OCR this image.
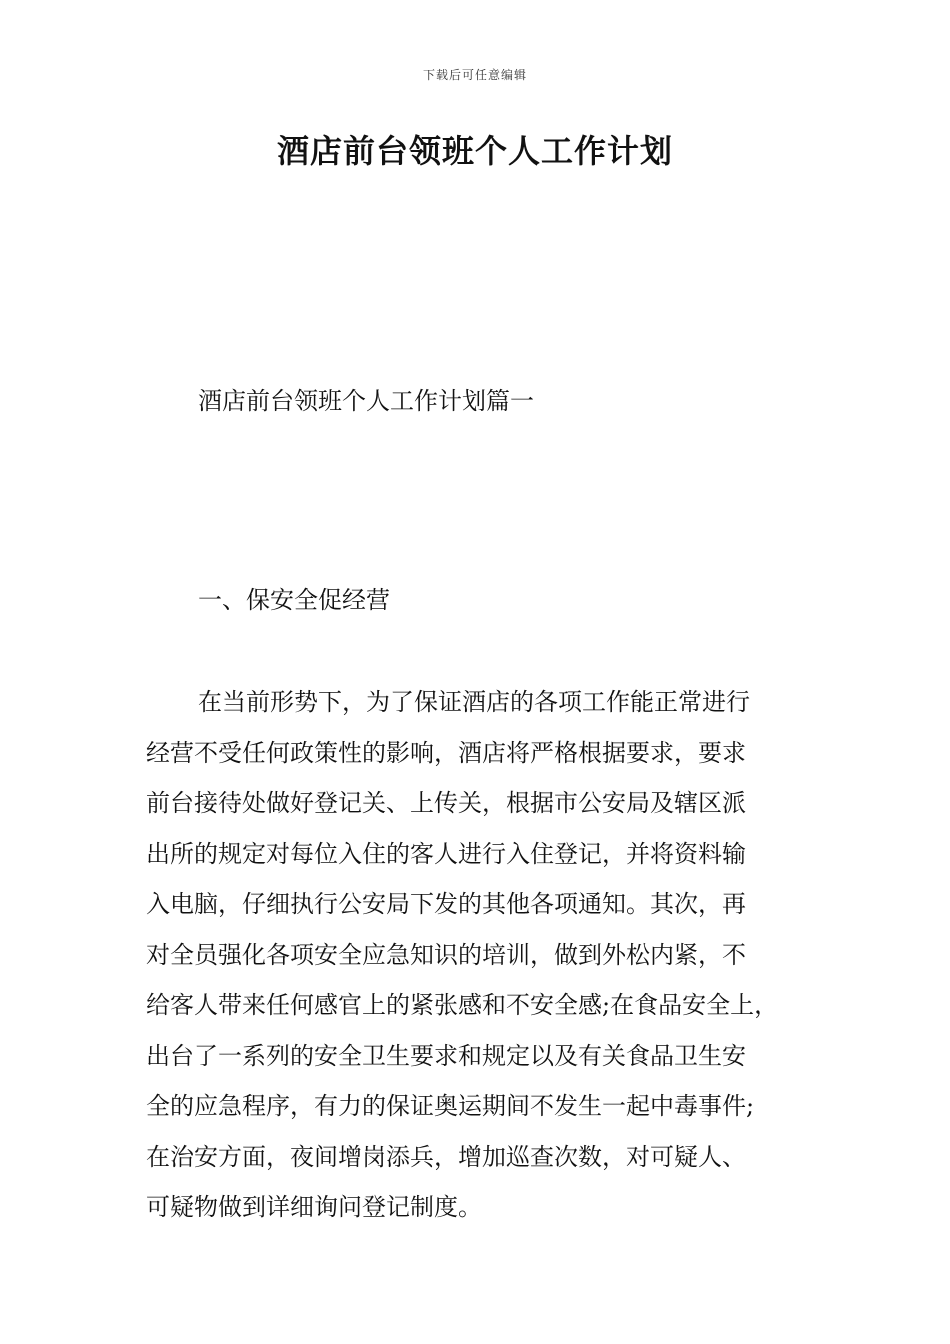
下载后可任意编辑
酒店前台领班个人工作计划

酒店前台领班个人工作计划篇一

一、保安全促经营

在当前形势下，为了保证酒店的各项工作能正常进行
经营不受任何政策性的影响，酒店将严格根据要求，要求
前台接待处做好登记关、上传关，根据市公安局及辖区派
出所的规定对每位入住的客人进行入住登记，并将资料输
入电脑，仔细执行公安局下发的其他各项通知。其次，再
对全员强化各项安全应急知识的培训，做到外松内紧，不
给客人带来任何感官上的紧张感和不安全感;在食品安全上，
出台了一系列的安全卫生要求和规定以及有关食品卫生安
全的应急程序，有力的保证奥运期间不发生一起中毒事件;
在治安方面，夜间增岗添兵，增加巡查次数，对可疑人、
可疑物做到详细询问登记制度。
